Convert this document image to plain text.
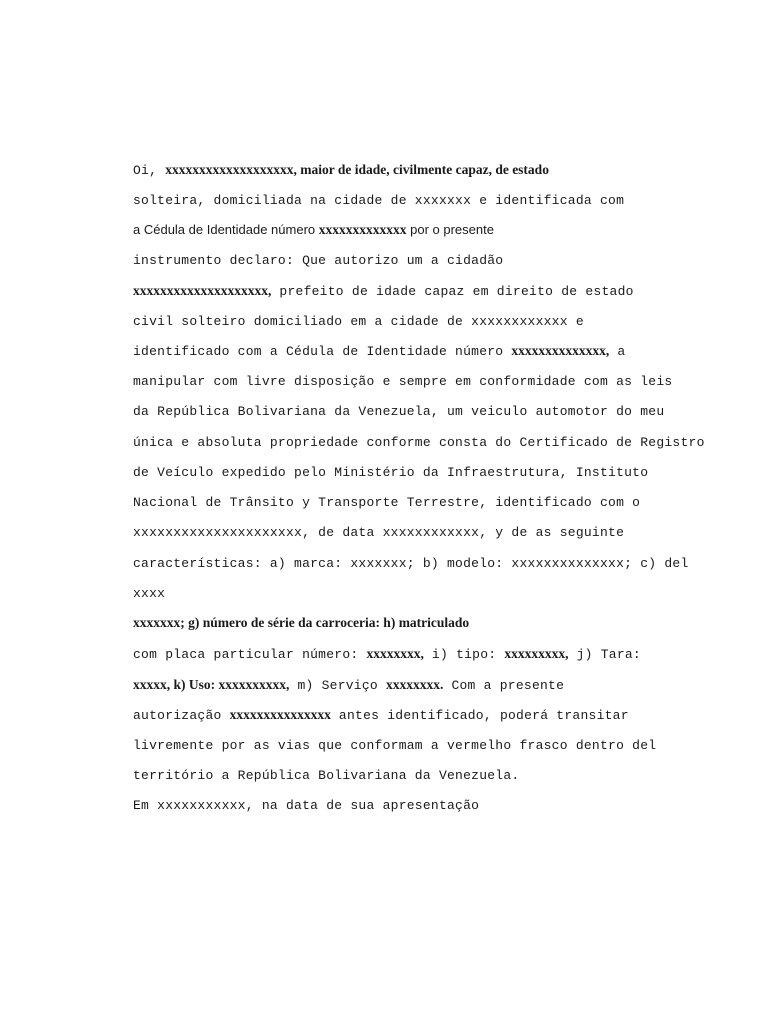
Oi, xxxxxxxxxxxxxxxxxxx, maior de idade, civilmente capaz, de estado
solteira, domiciliada na cidade de xxxxxxx e identificada com
a Cédula de Identidade número xxxxxxxxxxxxx por o presente
instrumento declaro: Que autorizo um a cidadão
xxxxxxxxxxxxxxxxxxxx, prefeito de idade capaz em direito de estado
civil solteiro domiciliado em a cidade de xxxxxxxxxxxx e
identificado com a Cédula de Identidade número xxxxxxxxxxxxxx, a
manipular com livre disposição e sempre em conformidade com as leis
da República Bolivariana da Venezuela, um veiculo automotor do meu
única e absoluta propriedade conforme consta do Certificado de Registro
de Veículo expedido pelo Ministério da Infraestrutura, Instituto
Nacional de Trânsito y Transporte Terrestre, identificado com o
xxxxxxxxxxxxxxxxxxxxx, de data xxxxxxxxxxxx, y de as seguinte
características: a) marca: xxxxxxx; b) modelo: xxxxxxxxxxxxxx; c) del
xxxx
xxxxxxx; g) número de série da carroceria: h) matriculado
com placa particular número: xxxxxxxx, i) tipo: xxxxxxxxx, j) Tara:
xxxxx, k) Uso: xxxxxxxxxx, m) Serviço xxxxxxxx. Com a presente
autorização xxxxxxxxxxxxxxx antes identificado, poderá transitar
livremente por as vias que conformam a vermelho frasco dentro del
território a República Bolivariana da Venezuela.
Em xxxxxxxxxxx, na data de sua apresentação
